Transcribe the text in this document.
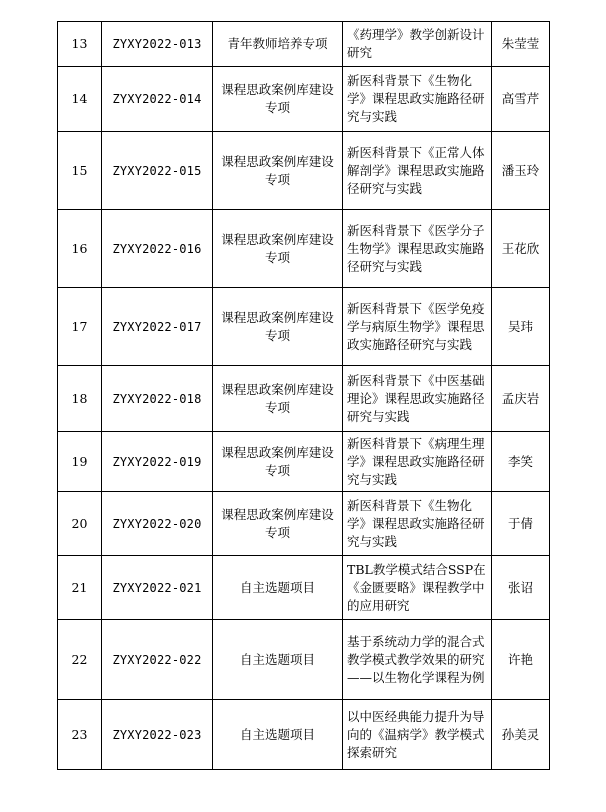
13	ZYXY2022-013	青年教师培养专项	《药理学》教学创新设计研究	朱莹莹
14	ZYXY2022-014	课程思政案例库建设专项	新医科背景下《生物化学》课程思政实施路径研究与实践	高雪芹
15	ZYXY2022-015	课程思政案例库建设专项	新医科背景下《正常人体解剖学》课程思政实施路径研究与实践	潘玉玲
16	ZYXY2022-016	课程思政案例库建设专项	新医科背景下《医学分子生物学》课程思政实施路径研究与实践	王花欣
17	ZYXY2022-017	课程思政案例库建设专项	新医科背景下《医学免疫学与病原生物学》课程思政实施路径研究与实践	吴玮
18	ZYXY2022-018	课程思政案例库建设专项	新医科背景下《中医基础理论》课程思政实施路径研究与实践	孟庆岩
19	ZYXY2022-019	课程思政案例库建设专项	新医科背景下《病理生理学》课程思政实施路径研究与实践	李笑
20	ZYXY2022-020	课程思政案例库建设专项	新医科背景下《生物化学》课程思政实施路径研究与实践	于倩
21	ZYXY2022-021	自主选题项目	TBL教学模式结合SSP在《金匮要略》课程教学中的应用研究	张诏
22	ZYXY2022-022	自主选题项目	基于系统动力学的混合式教学模式教学效果的研究——以生物化学课程为例	许艳
23	ZYXY2022-023	自主选题项目	以中医经典能力提升为导向的《温病学》教学模式探索研究	孙美灵
